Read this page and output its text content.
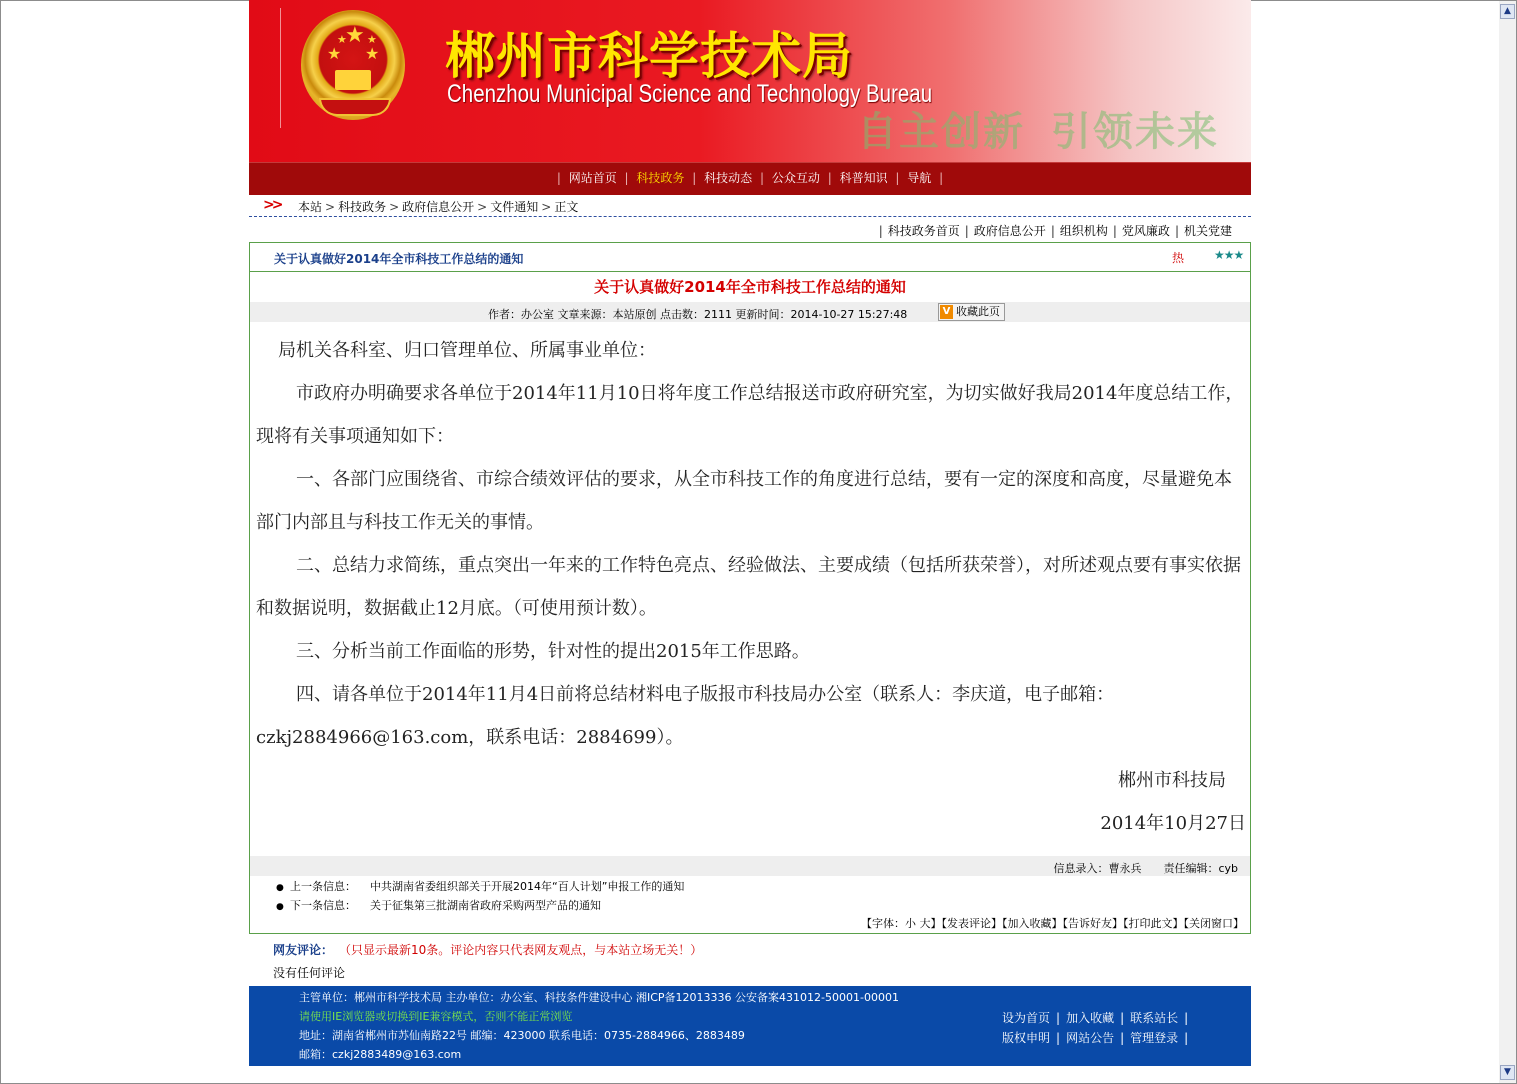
▲
▼
★
★
★ ★
★ 郴州市科学技术局
Chenzhou Municipal Science and Technology Bureau
自主创新 引领未来
| 网站首页 | 科技政务 | 科技动态 | 公众互动 | 科普知识 | 导航 |
>> 本站 > 科技政务 > 政府信息公开 > 文件通知 > 正文
| 科技政务首页 | 政府信息公开 | 组织机构 | 党风廉政 | 机关党建
关于认真做好2014年全市科技工作总结的通知	热 ★★★
关于认真做好2014年全市科技工作总结的通知
作者：办公室 文章来源：本站原创 点击数：2111 更新时间：2014-10-27 15:27:48	V 收藏此页

局机关各科室、归口管理单位、所属事业单位：

市政府办明确要求各单位于2014年11月10日将年度工作总结报送市政府研究室，为切实做好我局2014年度总结工作，现将有关事项通知如下：

一、各部门应围绕省、市综合绩效评估的要求，从全市科技工作的角度进行总结，要有一定的深度和高度，尽量避免本部门内部且与科技工作无关的事情。

二、总结力求简练，重点突出一年来的工作特色亮点、经验做法、主要成绩（包括所获荣誉），对所述观点要有事实依据和数据说明，数据截止12月底。（可使用预计数）。

三、分析当前工作面临的形势，针对性的提出2015年工作思路。

四、请各单位于2014年11月4日前将总结材料电子版报市科技局办公室（联系人：李庆道，电子邮箱：czkj2884966@163.com，联系电话：2884699）。

郴州市科技局

2014年10月27日

信息录入：曹永兵 责任编辑：cyb
● 上一条信息： 中共湖南省委组织部关于开展2014年“百人计划”申报工作的通知
● 下一条信息： 关于征集第三批湖南省政府采购两型产品的通知
【字体：小 大】【发表评论】【加入收藏】【告诉好友】【打印此文】【关闭窗口】
网友评论： （只显示最新10条。评论内容只代表网友观点，与本站立场无关！）
没有任何评论
主管单位：郴州市科学技术局 主办单位：办公室、科技条件建设中心 湘ICP备12013336 公安备案431012-50001-00001
请使用IE浏览器或切换到IE兼容模式，否则不能正常浏览
地址：湖南省郴州市苏仙南路22号 邮编：423000 联系电话：0735-2884966、2883489
邮箱：czkj2883489@163.com
设为首页 | 加入收藏 | 联系站长 |
版权申明 | 网站公告 | 管理登录 |
